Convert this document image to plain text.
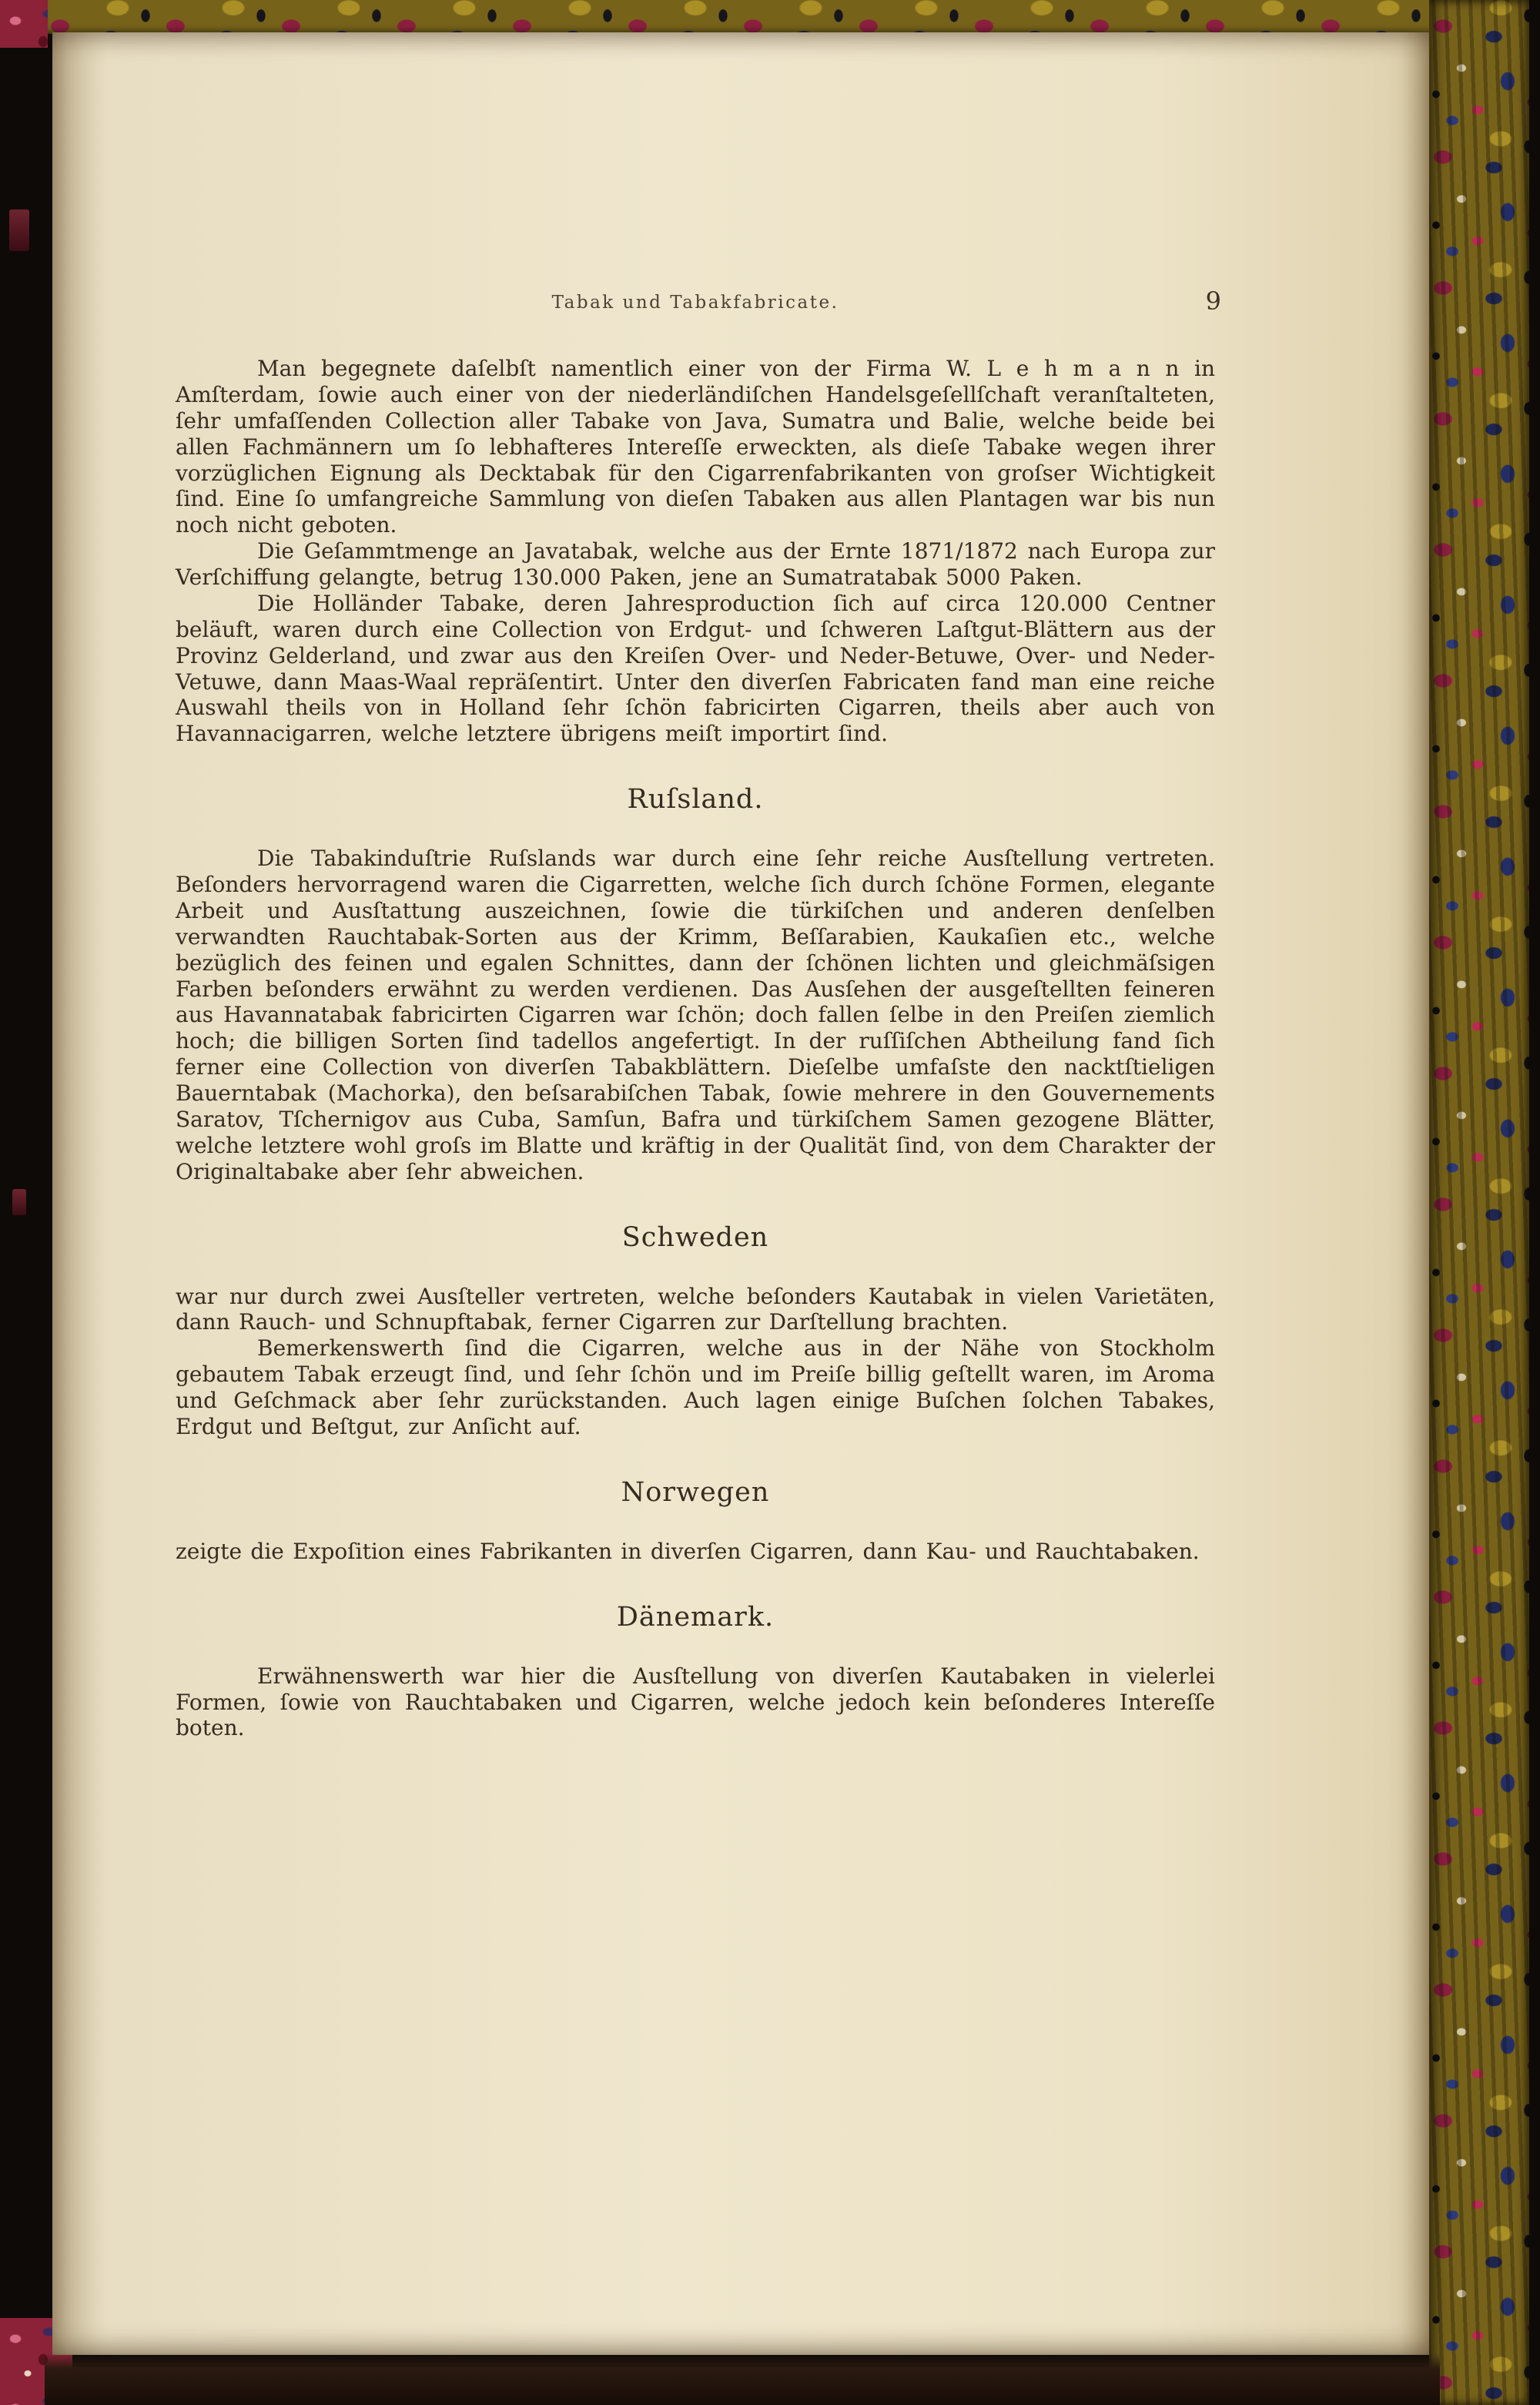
Tabak und Tabakfabricate.	9

Man begegnete daſelbſt namentlich einer von der Firma W. L e h m a n n in Amſterdam, ſowie auch einer von der niederländiſchen Handelsgeſellſchaft veranſtalteten, ſehr umfaſſenden Collection aller Tabake von Java, Sumatra und Balie, welche beide bei allen Fachmännern um ſo lebhafteres Intereſſe erweckten, als dieſe Tabake wegen ihrer vorzüglichen Eignung als Decktabak für den Cigarrenfabrikanten von groſser Wichtigkeit ſind. Eine ſo umfangreiche Sammlung von dieſen Tabaken aus allen Plantagen war bis nun noch nicht geboten.

Die Geſammtmenge an Javatabak, welche aus der Ernte 1871/1872 nach Europa zur Verſchiffung gelangte, betrug 130.000 Paken, jene an Sumatratabak 5000 Paken.

Die Holländer Tabake, deren Jahresproduction ſich auf circa 120.000 Centner beläuft, waren durch eine Collection von Erdgut- und ſchweren Laſtgut-Blättern aus der Provinz Gelderland, und zwar aus den Kreiſen Over- und Neder-Betuwe, Over- und Neder-Vetuwe, dann Maas-Waal repräſentirt. Unter den diverſen Fabricaten fand man eine reiche Auswahl theils von in Holland ſehr ſchön fabricirten Cigarren, theils aber auch von Havannacigarren, welche letztere übrigens meiſt importirt ſind.

Ruſsland.

Die Tabakinduſtrie Ruſslands war durch eine ſehr reiche Ausſtellung vertreten. Beſonders hervorragend waren die Cigarretten, welche ſich durch ſchöne Formen, elegante Arbeit und Ausſtattung auszeichnen, ſowie die türkiſchen und anderen denſelben verwandten Rauchtabak-Sorten aus der Krimm, Beſſarabien, Kaukaſien etc., welche bezüglich des feinen und egalen Schnittes, dann der ſchönen lichten und gleichmäſsigen Farben beſonders erwähnt zu werden verdienen. Das Ausſehen der ausgeſtellten feineren aus Havannatabak fabricirten Cigarren war ſchön; doch fallen ſelbe in den Preiſen ziemlich hoch; die billigen Sorten ſind tadellos angefertigt. In der ruſſiſchen Abtheilung fand ſich ferner eine Collection von diverſen Tabakblättern. Dieſelbe umfaſste den nacktſtieligen Bauerntabak (Machorka), den beſsarabiſchen Tabak, ſowie mehrere in den Gouvernements Saratov, Tſchernigov aus Cuba, Samſun, Bafra und türkiſchem Samen gezogene Blätter, welche letztere wohl groſs im Blatte und kräftig in der Qualität ſind, von dem Charakter der Originaltabake aber ſehr abweichen.

Schweden

war nur durch zwei Ausſteller vertreten, welche beſonders Kautabak in vielen Varietäten, dann Rauch- und Schnupftabak, ferner Cigarren zur Darſtellung brachten.

Bemerkenswerth ſind die Cigarren, welche aus in der Nähe von Stockholm gebautem Tabak erzeugt ſind, und ſehr ſchön und im Preiſe billig geſtellt waren, im Aroma und Geſchmack aber ſehr zurückstanden. Auch lagen einige Buſchen ſolchen Tabakes, Erdgut und Beſtgut, zur Anſicht auf.

Norwegen

zeigte die Expoſition eines Fabrikanten in diverſen Cigarren, dann Kau- und Rauchtabaken.

Dänemark.

Erwähnenswerth war hier die Ausſtellung von diverſen Kautabaken in vielerlei Formen, ſowie von Rauchtabaken und Cigarren, welche jedoch kein beſonderes Intereſſe boten.
